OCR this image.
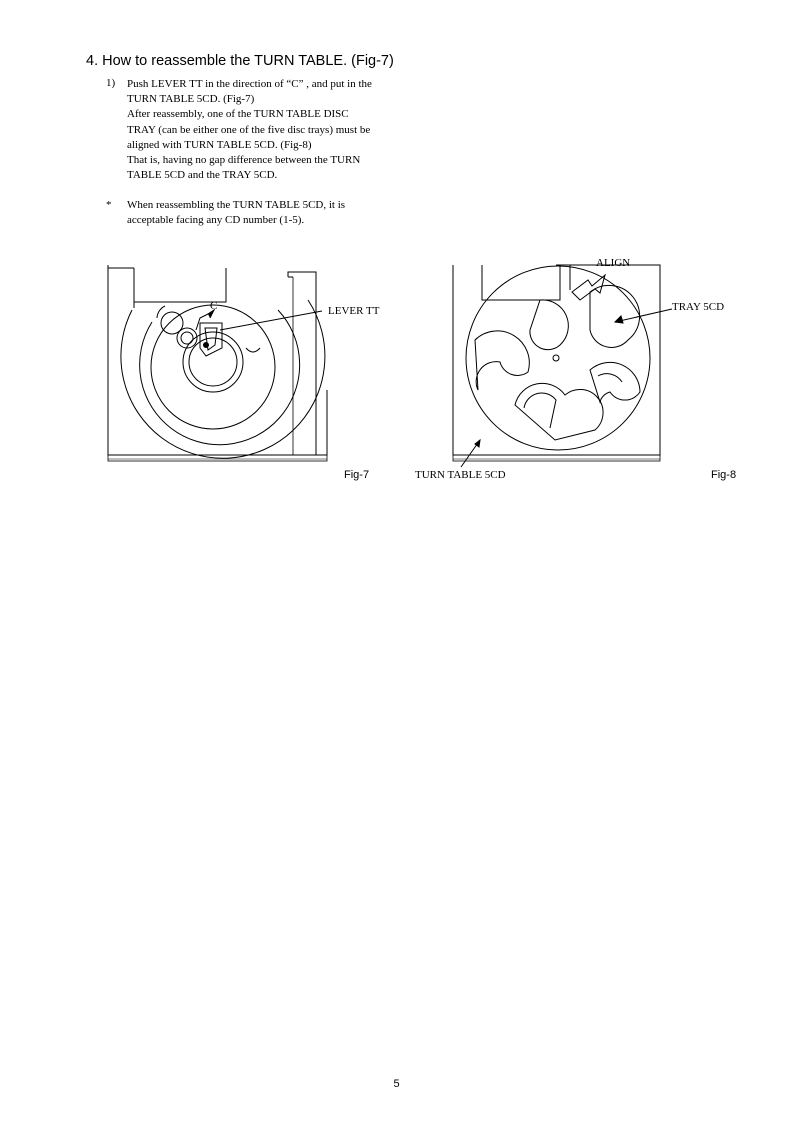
4. How to reassemble the TURN TABLE. (Fig-7)
1) Push LEVER TT in the direction of “C” , and put in the
TURN TABLE 5CD. (Fig-7)
After reassembly, one of the TURN TABLE DISC
TRAY (can be either one of the five disc trays) must be
aligned with TURN TABLE 5CD. (Fig-8)
That is, having no gap difference between the TURN
TABLE 5CD and the TRAY 5CD.
* When reassembling the TURN TABLE 5CD, it is
acceptable facing any CD number (1-5).
C	LEVER TT
Fig-7
ALIGN
TRAY 5CD
TURN TABLE 5CD	Fig-8
5
